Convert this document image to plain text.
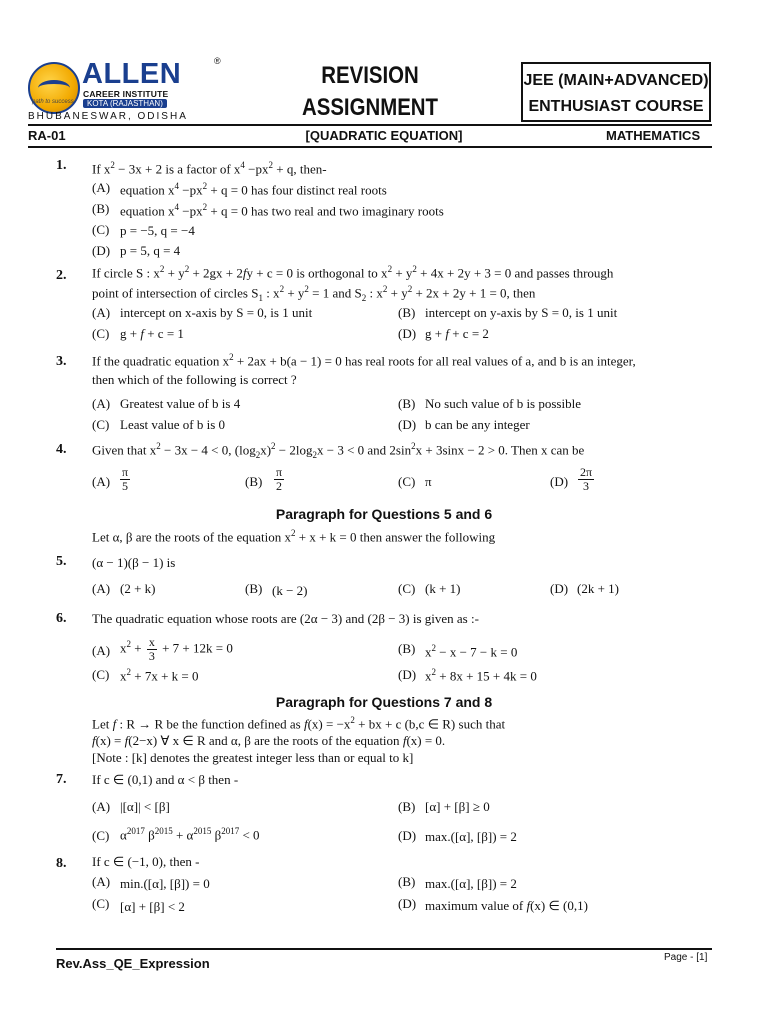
ALLEN	®
CAREER INSTITUTE
KOTA (RAJASTHAN)
path to success
BHUBANESWAR, ODISHA
REVISION
ASSIGNMENT
JEE (MAIN+ADVANCED)
ENTHUSIAST COURSE
RA-01	[QUADRATIC EQUATION]	MATHEMATICS
1. If $x^2 - 3x + 2$ is a factor of $x^4 -px^2 + q$, then-
(A) equation $x^4 -px^2 + q = 0$ has four distinct real roots
(B) equation $x^4 -px^2 + q = 0$ has two real and two imaginary roots
(C) p = −5, q = −4
(D) p = 5, q = 4
2. If circle S : $x^2 + y^2 + 2gx + 2fy + c = 0$ is orthogonal to $x^2 + y^2 + 4x + 2y + 3 = 0$ and passes through
point of intersection of circles $S_1$ : $x^2 + y^2 = 1$ and $S_2$ : $x^2 + y^2 + 2x + 2y + 1 = 0$, then
(A) intercept on x-axis by S = 0, is 1 unit	(B) intercept on y-axis by S = 0, is 1 unit
(C) g + f + c = 1	(D) g + f + c = 2
3. If the quadratic equation $x^2 + 2ax + b(a - 1) = 0$ has real roots for all real values of a, and b is an integer,
then which of the following is correct ?
(A) Greatest value of b is 4	(B) No such value of b is possible
(C) Least value of b is 0	(D) b can be any integer
4. Given that $x^2 - 3x - 4 < 0$, $(\log_2x)^2 - 2\log_2x - 3 < 0$ and $2\sin^2x + 3\sin x - 2 > 0$. Then x can be
$(A) \frac{\pi}{5}$	$(B) \frac{\pi}{2}$	(C) π	$(D) \frac{2\pi}{3}$
Paragraph for Questions 5 and 6
Let α, β are the roots of the equation $x^2 + x + k = 0$ then answer the following
5. (α − 1)(β − 1) is
(A) (2 + k)	(B) (k − 2)	(C) (k + 1)	(D) (2k + 1)
6. The quadratic equation whose roots are (2α − 3) and (2β − 3) is given as :-
(A) $x^2 + \frac{x}{3} + 7 + 12k = 0$	(B) $x^2 - x - 7 - k = 0$
(C) $x^2 + 7x + k = 0$	(D) $x^2 + 8x + 15 + 4k = 0$
Paragraph for Questions 7 and 8
Let f : R → R be the function defined as $f(x) = -x^2$ + bx + c (b,c ∈ R) such that
f(x) = f(2−x) ∀ x ∈ R and α, β are the roots of the equation f(x) = 0.
[Note : [k] denotes the greatest integer less than or equal to k]
7. If c ∈ (0,1) and α < β then -
(A) |[α]| < [β]	(B) [α] + [β] ≥ 0
(C) $\alpha^{2017}$ $\beta^{2015} + \alpha^{2015}$ $\beta^{2017} < 0$	(D) max.([α], [β]) = 2
8. If c ∈ (−1, 0), then -
(A) min.([α], [β]) = 0	(B) max.([α], [β]) = 2
(C) [α] + [β] < 2	(D) maximum value of f(x) ∈ (0,1)
Rev.Ass_QE_Expression	Page - [1]
